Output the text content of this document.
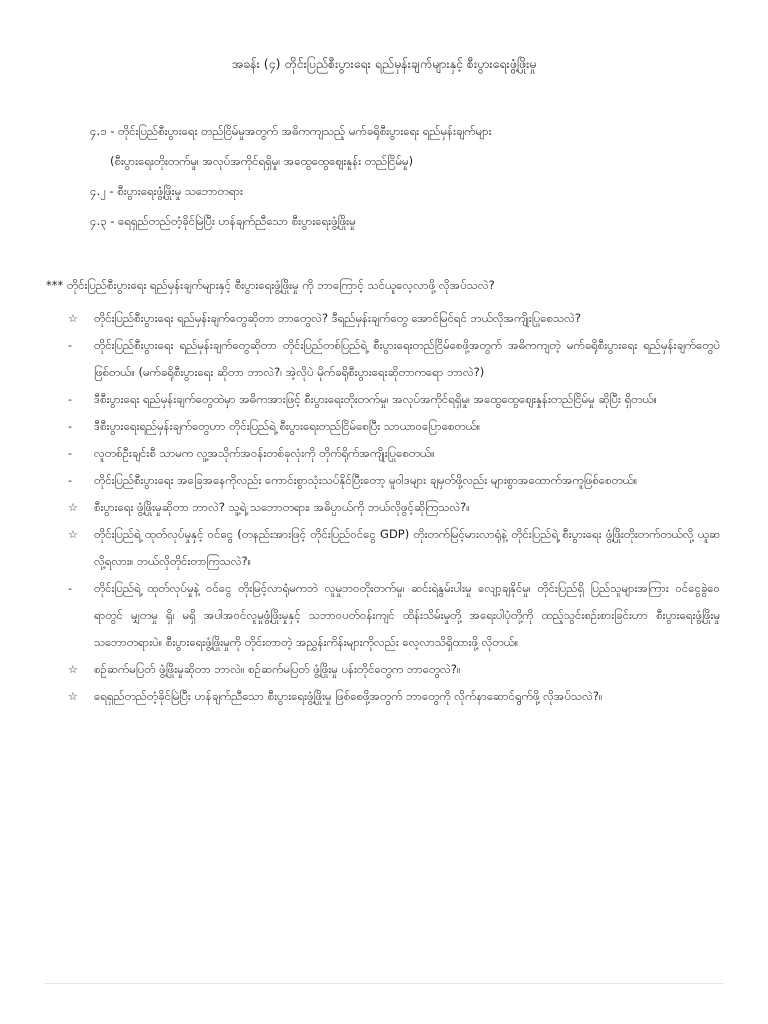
အခန်း (၄) တိုင်းပြည်စီးပွားရေး ရည်မှန်းချက်များနှင့် စီးပွားရေးဖွံ့ဖြိုးမှု
၄.၁ - တိုင်းပြည်စီးပွားရေး တည်ငြိမ်မှုအတွက် အဓိကကျသည့် မက်ခရိုစီးပွားရေး ရည်မှန်းချက်များ
(စီးပွားရေးတိုးတက်မှု၊ အလုပ်အကိုင်ရရှိမှု၊ အထွေထွေဈေးနှုန်း တည်ငြိမ်မှု)
၄.၂ - စီးပွားရေးဖွံ့ဖြိုးမှု သဘောတရား
၄.၃ - ရေရှည်တည်တံ့ခိုင်မြဲပြီး ဟန်ချက်ညီသော စီးပွားရေးဖွံ့ဖြိုးမှု
*** တိုင်းပြည်စီးပွားရေး ရည်မှန်းချက်များနှင့် စီးပွားရေးဖွံ့ဖြိုးမှု ကို ဘာကြောင့် သင်ယူလေ့လာဖို့ လိုအပ်သလဲ?
☆	တိုင်းပြည်စီးပွားရေး ရည်မှန်းချက်တွေဆိုတာ ဘာတွေလဲ? ဒီရည်မှန်းချက်တွေ အောင်မြင်ရင် ဘယ်လိုအကျိုးပြုစေသလဲ?
-	တိုင်းပြည်စီးပွားရေး ရည်မှန်းချက်တွေဆိုတာ တိုင်းပြည်တစ်ပြည်ရဲ့ စီးပွားရေးတည်ငြိမ်စေဖို့အတွက် အဓိကကျတဲ့ မက်ခရိုစီးပွားရေး ရည်မှန်းချက်တွေပဲ ဖြစ်တယ်။ (မက်ခရိုစီးပွားရေး ဆိုတာ ဘာလဲ?၊ အဲ့လိုပဲ မိုက်ခရိုစီးပွားရေးဆိုတာကရော ဘာလဲ?)
-	ဒီစီးပွားရေး ရည်မှန်းချက်တွေထဲမှာ အဓိကအားဖြင့် စီးပွားရေးတိုးတက်မှု၊ အလုပ်အကိုင်ရရှိမှု၊ အထွေထွေဈေးနှုန်းတည်ငြိမ်မှု ဆိုပြီး ရှိတယ်။
-	ဒီစီးပွားရေးရည်မှန်းချက်တွေဟာ တိုင်းပြည်ရဲ့ စီးပွားရေးတည်ငြိမ်စေပြီး သာယာဝပြောစေတယ်။
-	လူတစ်ဦးချင်းစီ သာမက လူ့အသိုက်အဝန်းတစ်ခုလုံးကို တိုက်ရိုက်အကျိုးပြုစေတယ်။
-	တိုင်းပြည်စီးပွားရေး အခြေအနေကိုလည်း ကောင်းစွာသုံးသပ်နိုင်ပြီးတော့ မူဝါဒများ ချမှတ်ဖို့လည်း များစွာအထောက်အကူဖြစ်စေတယ်။
☆	စီးပွားရေး ဖွံ့ဖြိုးမှုဆိုတာ ဘာလဲ? သူ့ရဲ့ သဘောတရား၊ အဓိပ္ပာယ်ကို ဘယ်လိုဖွင့်ဆိုကြသလဲ?။
☆	တိုင်းပြည်ရဲ့ ထုတ်လုပ်မှုနှင့် ဝင်ငွေ (တနည်းအားဖြင့် တိုင်းပြည်ဝင်ငွေ GDP) တိုးတက်မြင့်မားလာရုံနဲ့ တိုင်းပြည်ရဲ့ စီးပွားရေး ဖွံ့ဖြိုးတိုးတက်တယ်လို့ ယူဆလို့ရလား။ ဘယ်လိုတိုင်းတာကြသလဲ?။
-	တိုင်းပြည်ရဲ့ ထုတ်လုပ်မှုနဲ့ ဝင်ငွေ တိုးမြင့်လာရုံမကဘဲ လူမှုဘဝတိုးတက်မှု၊ ဆင်းရဲနွမ်းပါးမှု လျော့ချနိုင်မှု၊ တိုင်းပြည်ရှိ ပြည်သူများအကြား ဝင်ငွေခွဲဝေရာတွင် မျှတမှု ရှိ၊ မရှိ အပါအဝင်လူမှုဖွံ့ဖြိုးမှုနှင့် သဘာဝပတ်ဝန်းကျင် ထိန်းသိမ်းမှုတို့ အရေးပါပုံတို့ကို ထည့်သွင်းစဉ်းစားခြင်းဟာ စီးပွားရေးဖွံ့ဖြိုးမှု သဘောတရားပဲ။ စီးပွားရေးဖွံ့ဖြိုးမှုကို တိုင်းတာတဲ့ အညွှန်းကိန်းများကိုလည်း လေ့လာသိရှိထားဖို့ လိုတယ်။
☆	စဉ်ဆက်မပြတ် ဖွံ့ဖြိုးမှုဆိုတာ ဘာလဲ။ စဉ်ဆက်မပြတ် ဖွံ့ဖြိုးမှု ပန်းတိုင်တွေက ဘာတွေလဲ?။
☆	ရေရှည်တည်တံ့ခိုင်မြဲပြီး ဟန်ချက်ညီသော စီးပွားရေးဖွံ့ဖြိုးမှု ဖြစ်စေဖို့အတွက် ဘာတွေကို လိုက်နာဆောင်ရွက်ဖို့ လိုအပ်သလဲ?။
